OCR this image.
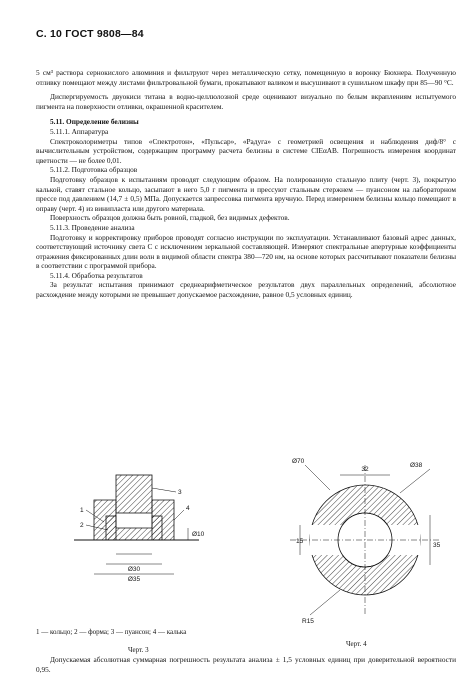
С. 10 ГОСТ 9808—84

5 см³ раствора сернокислого алюминия и фильтруют через металлическую сетку, помещенную в воронку Бюхнера. Полученную отливку помещают между листами фильтровальной бумаги, прокатывают валиком и высушивают в сушильном шкафу при 85—90 °С.

Диспергируемость двуокиси титана в водно-целлюлозной среде оценивают визуально по белым вкраплениям испытуемого пигмента на поверхности отливки, окрашенной красителем.

5.11. Определение белизны

5.11.1. Аппаратура

Спектроколориметры типов «Спектротон», «Пульсар», «Радуга» с геометрией освещения и наблюдения диф/8° с вычислительным устройством, содержащим программу расчета белизны в системе CIEαAB. Погрешность измерения координат цветности — не более 0,01.

5.11.2. Подготовка образцов

Подготовку образцов к испытаниям проводят следующим образом. На полированную стальную плиту (черт. 3), покрытую калькой, ставят стальное кольцо, засыпают в него 5,0 г пигмента и прессуют стальным стержнем — пуансоном на лабораторном прессе под давлением (14,7 ± 0,5) МПа. Допускается запрессовка пигмента вручную. Перед измерением белизны кольцо помещают в оправу (черт. 4) из винипласта или другого материала.

Поверхность образцов должна быть ровной, гладкой, без видимых дефектов.

5.11.3. Проведение анализа

Подготовку и корректировку приборов проводят согласно инструкции по эксплуатации. Устанавливают базовый адрес данных, соответствующий источнику света С с исключением зеркальной составляющей. Измеряют спектральные апертурные коэффициенты отражения фиксированных длин волн в видимой области спектра 380—720 нм, на основе которых рассчитывают показатели белизны в соответствии с программой прибора.

5.11.4. Обработка результатов

За результат испытания принимают среднеарифметическое результатов двух параллельных определений, абсолютное расхождение между которыми не превышает допускаемое расхождение, равное 0,5 условных единиц.

1
2
3
4
Ø30
Ø35
Ø10
1 — кольцо; 2 — форма; 3 — пуансон; 4 — калька
Черт. 3
Ø70
32
Ø38
35
15
R15
Черт. 4

Допускаемая абсолютная суммарная погрешность результата анализа ± 1,5 условных единиц при доверительной вероятности 0,95.
